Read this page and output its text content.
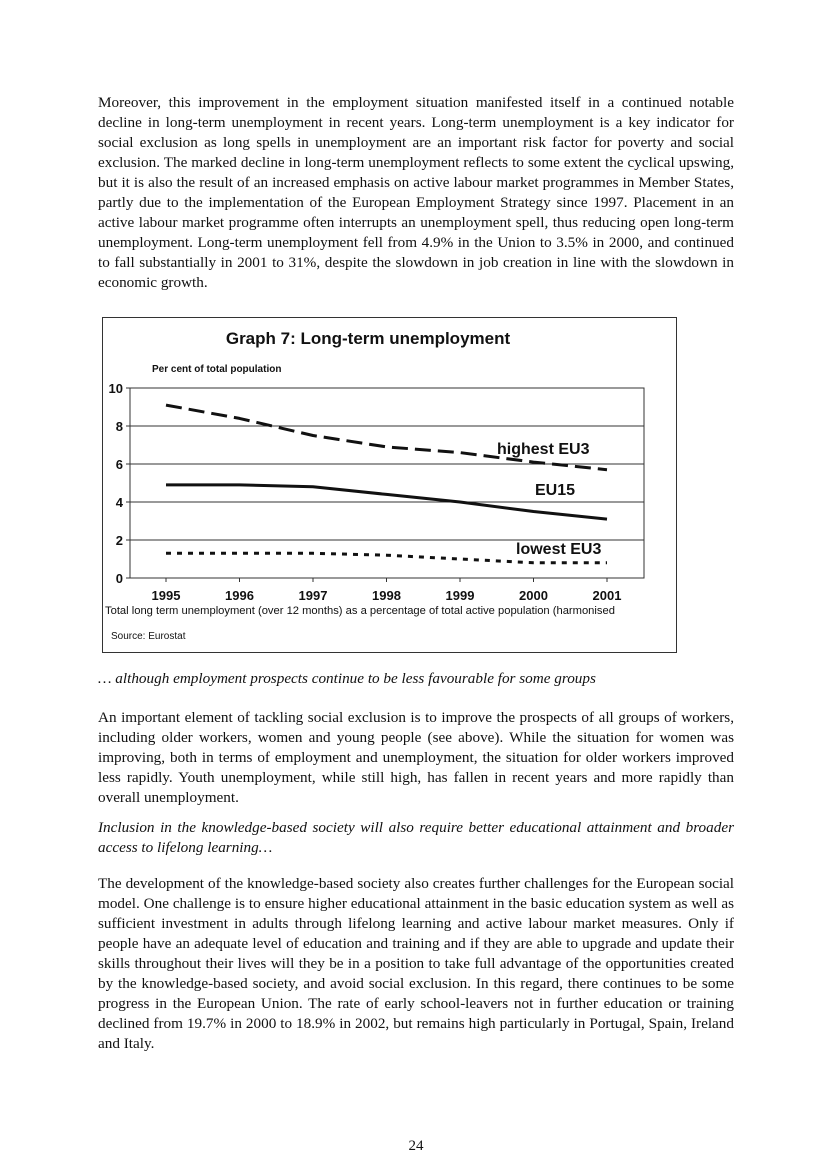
Moreover, this improvement in the employment situation manifested itself in a continued notable decline in long-term unemployment in recent years. Long-term unemployment is a key indicator for social exclusion as long spells in unemployment are an important risk factor for poverty and social exclusion. The marked decline in long-term unemployment reflects to some extent the cyclical upswing, but it is also the result of an increased emphasis on active labour market programmes in Member States, partly due to the implementation of the European Employment Strategy since 1997. Placement in an active labour market programme often interrupts an unemployment spell, thus reducing open long-term unemployment. Long-term unemployment fell from 4.9% in the Union to 3.5% in 2000, and continued to fall substantially in 2001 to 31%, despite the slowdown in job creation in line with the slowdown in economic growth.

Graph 7: Long-term unemployment
Per cent of total population
0
2
4
6
8
10
1995	1996	1997	1998	1999	2000	2001
highest EU3
EU15
lowest EU3
Total long term unemployment (over 12 months) as a percentage of total active population (harmonised
Source: Eurostat

… although employment prospects continue to be less favourable for some groups

An important element of tackling social exclusion is to improve the prospects of all groups of workers, including older workers, women and young people (see above). While the situation for women was improving, both in terms of employment and unemployment, the situation for older workers improved less rapidly. Youth unemployment, while still high, has fallen in recent years and more rapidly than overall unemployment.

Inclusion in the knowledge-based society will also require better educational attainment and broader access to lifelong learning…

The development of the knowledge-based society also creates further challenges for the European social model. One challenge is to ensure higher educational attainment in the basic education system as well as sufficient investment in adults through lifelong learning and active labour market measures. Only if people have an adequate level of education and training and if they are able to upgrade and update their skills throughout their lives will they be in a position to take full advantage of the opportunities created by the knowledge-based society, and avoid social exclusion. In this regard, there continues to be some progress in the European Union. The rate of early school-leavers not in further education or training declined from 19.7% in 2000 to 18.9% in 2002, but remains high particularly in Portugal, Spain, Ireland and Italy.

24
